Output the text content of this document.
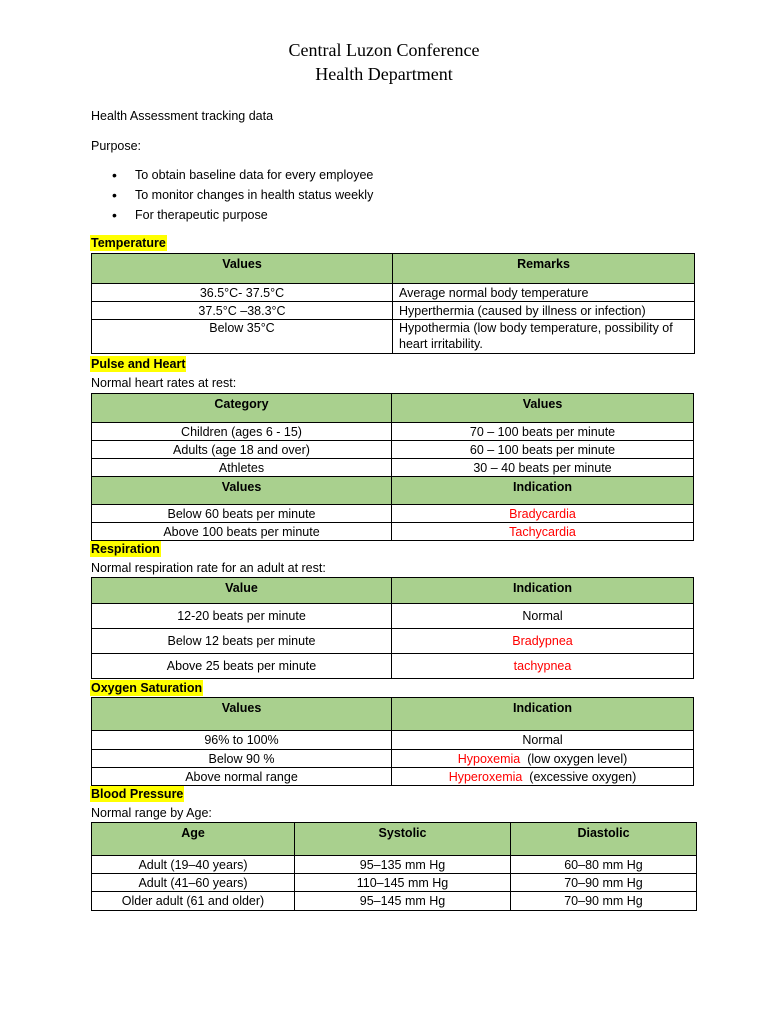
Central Luzon Conference
Health Department
Health Assessment tracking data
Purpose:
• To obtain baseline data for every employee
• To monitor changes in health status weekly
• For therapeutic purpose
Temperature
Values	Remarks
36.5°C- 37.5°C	Average normal body temperature
37.5°C –38.3°C	Hyperthermia (caused by illness or infection)
Below 35°C	Hypothermia (low body temperature, possibility of heart irritability.
Pulse and Heart
Normal heart rates at rest:
Category	Values
Children (ages 6 - 15)	70 – 100 beats per minute
Adults (age 18 and over)	60 – 100 beats per minute
Athletes	30 – 40 beats per minute
Values	Indication
Below 60 beats per minute	Bradycardia
Above 100 beats per minute	Tachycardia
Respiration
Normal respiration rate for an adult at rest:
Value	Indication
12-20 beats per minute	Normal
Below 12 beats per minute	Bradypnea
Above 25 beats per minute	tachypnea
Oxygen Saturation
Values	Indication
96% to 100%	Normal
Below 90 %	Hypoxemia (low oxygen level)
Above normal range	Hyperoxemia (excessive oxygen)
Blood Pressure
Normal range by Age:
Age	Systolic	Diastolic
Adult (19–40 years)	95–135 mm Hg	60–80 mm Hg
Adult (41–60 years)	110–145 mm Hg	70–90 mm Hg
Older adult (61 and older)	95–145 mm Hg	70–90 mm Hg
